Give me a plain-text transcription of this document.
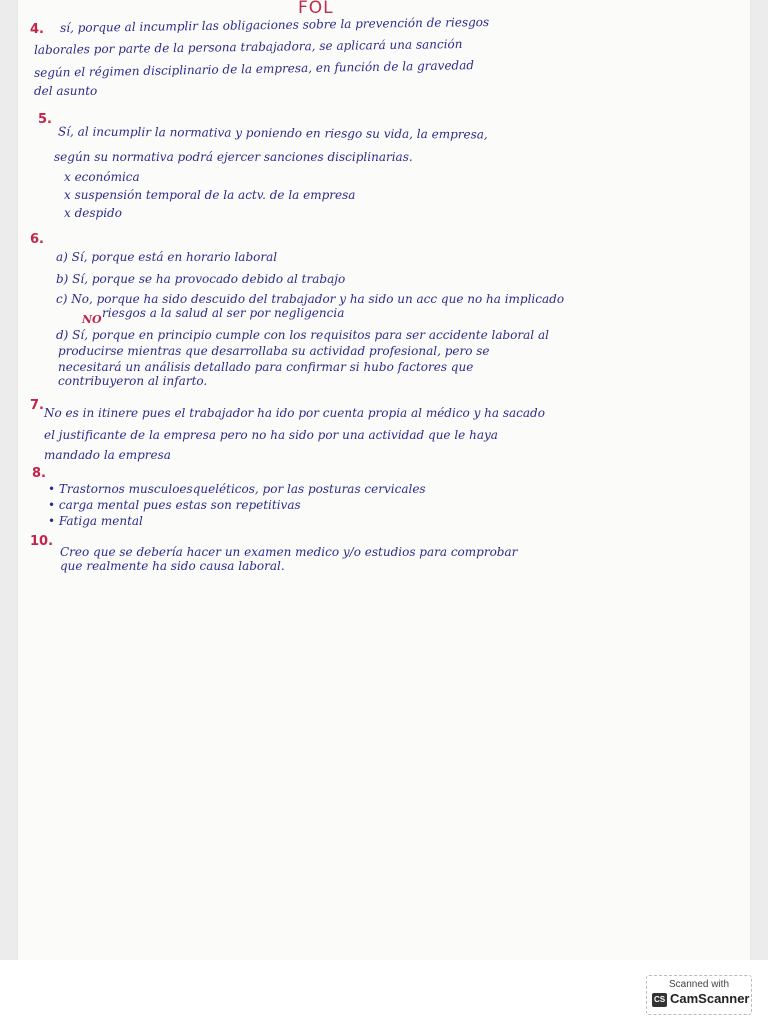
FOL
4. sí, porque al incumplir las obligaciones sobre la prevención de riesgos
laborales por parte de la persona trabajadora, se aplicará una sanción
según el régimen disciplinario de la empresa, en función de la gravedad
del asunto
5.
Sí, al incumplir la normativa y poniendo en riesgo su vida, la empresa,
según su normativa podrá ejercer sanciones disciplinarias.
x económica
x suspensión temporal de la actv. de la empresa
x despido
6.
a) Sí, porque está en horario laboral
b) Sí, porque se ha provocado debido al trabajo
c) No, porque ha sido descuido del trabajador y ha sido un acc que no ha implicado
NO riesgos a la salud al ser por negligencia
d) Sí, porque en principio cumple con los requisitos para ser accidente laboral al
producirse mientras que desarrollaba su actividad profesional, pero se
necesitará un análisis detallado para confirmar si hubo factores que
contribuyeron al infarto.
7. No es in itinere pues el trabajador ha ido por cuenta propia al médico y ha sacado
el justificante de la empresa pero no ha sido por una actividad que le haya
mandado la empresa
8.
• Trastornos musculoesqueléticos, por las posturas cervicales
• carga mental pues estas son repetitivas
• Fatiga mental
10.
Creo que se debería hacer un examen medico y/o estudios para comprobar
que realmente ha sido causa laboral.
Scanned with
CS CamScanner
